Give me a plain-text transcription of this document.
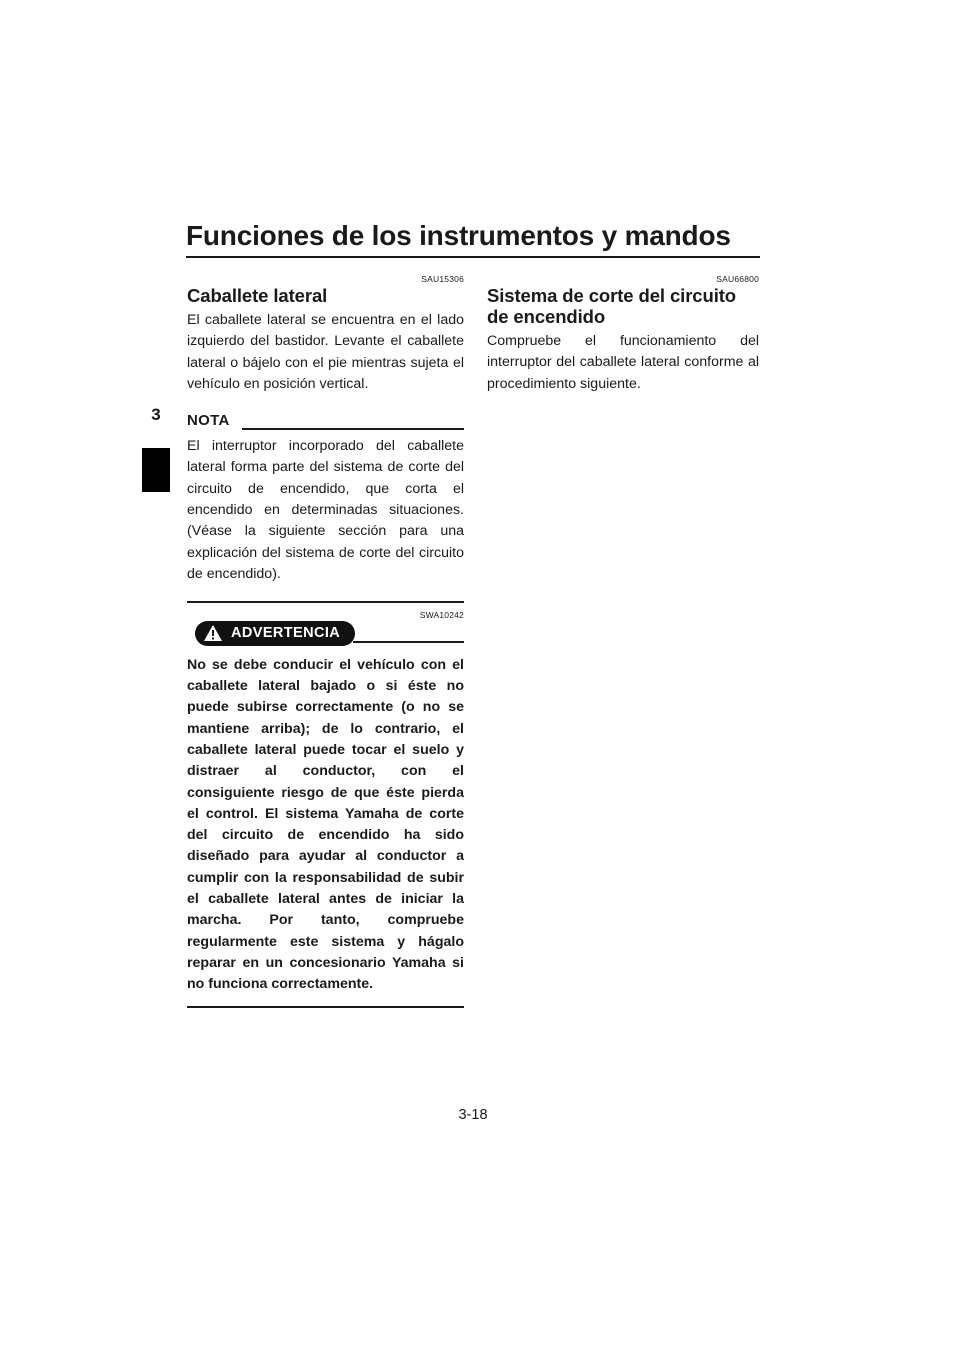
Funciones de los instrumentos y mandos
3
SAU15306
Caballete lateral

El caballete lateral se encuentra en el lado izquierdo del bastidor. Levante el caballete lateral o bájelo con el pie mientras sujeta el vehículo en posición vertical.

NOTA

El interruptor incorporado del caballete lateral forma parte del sistema de corte del circuito de encendido, que corta el encendido en determinadas situaciones. (Véase la siguiente sección para una explicación del sistema de corte del circuito de encendido).

SWA10242
ADVERTENCIA

No se debe conducir el vehículo con el caballete lateral bajado o si éste no puede subirse correctamente (o no se mantiene arriba); de lo contrario, el caballete lateral puede tocar el suelo y distraer al conductor, con el consiguiente riesgo de que éste pierda el control. El sistema Yamaha de corte del circuito de encendido ha sido diseñado para ayudar al conductor a cumplir con la responsabilidad de subir el caballete lateral antes de iniciar la marcha. Por tanto, compruebe regularmente este sistema y hágalo reparar en un concesionario Yamaha si no funciona correctamente.

SAU66800
Sistema de corte del circuito de encendido

Compruebe el funcionamiento del interruptor del caballete lateral conforme al procedimiento siguiente.

3-18
